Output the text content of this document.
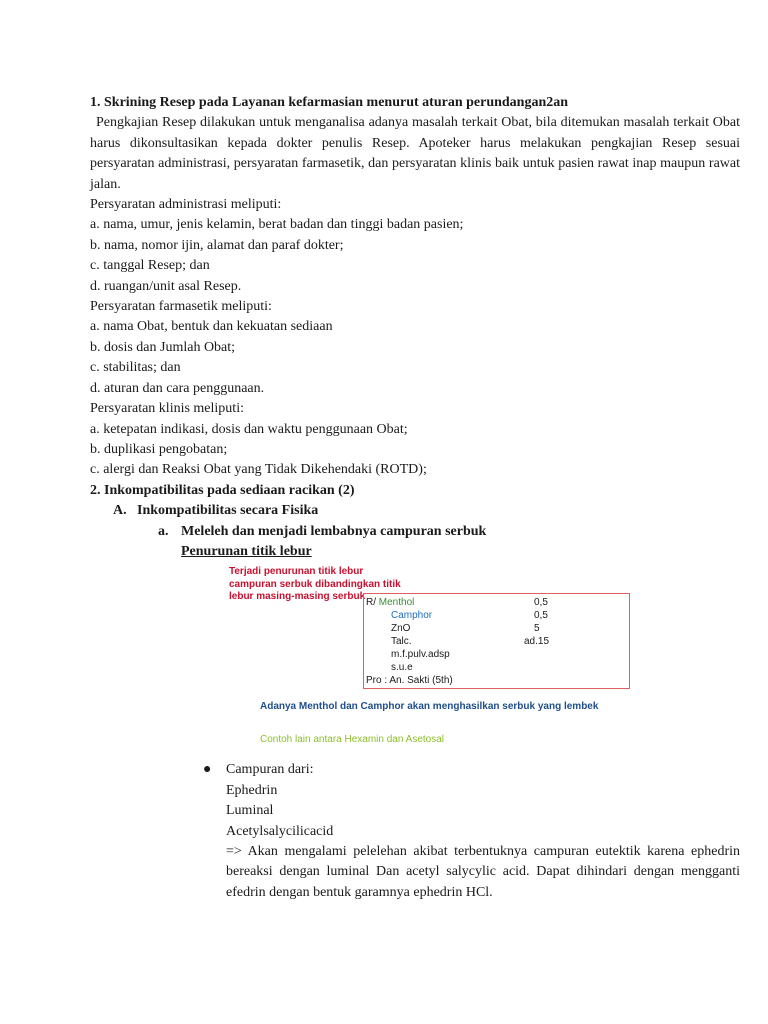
1. Skrining Resep pada Layanan kefarmasian menurut aturan perundangan2an
Pengkajian Resep dilakukan untuk menganalisa adanya masalah terkait Obat, bila ditemukan masalah terkait Obat harus dikonsultasikan kepada dokter penulis Resep. Apoteker harus melakukan pengkajian Resep sesuai persyaratan administrasi, persyaratan farmasetik, dan persyaratan klinis baik untuk pasien rawat inap maupun rawat jalan.
Persyaratan administrasi meliputi:
a. nama, umur, jenis kelamin, berat badan dan tinggi badan pasien;
b. nama, nomor ijin, alamat dan paraf dokter;
c. tanggal Resep; dan
d. ruangan/unit asal Resep.
Persyaratan farmasetik meliputi:
a. nama Obat, bentuk dan kekuatan sediaan
b. dosis dan Jumlah Obat;
c. stabilitas; dan
d. aturan dan cara penggunaan.
Persyaratan klinis meliputi:
a. ketepatan indikasi, dosis dan waktu penggunaan Obat;
b. duplikasi pengobatan;
c. alergi dan Reaksi Obat yang Tidak Dikehendaki (ROTD);
2. Inkompatibilitas pada sediaan racikan (2)
A. Inkompatibilitas secara Fisika
a. Meleleh dan menjadi lembabnya campuran serbuk
Penurunan titik lebur
Terjadi penurunan titik lebur
campuran serbuk dibandingkan titik
lebur masing-masing serbuk
R/ Menthol	0,5
Camphor	0,5
ZnO	5
Talc.	ad.15
m.f.pulv.adsp
s.u.e
Pro : An. Sakti (5th)
Adanya Menthol dan Camphor akan menghasilkan serbuk yang lembek
Contoh lain antara Hexamin dan Asetosal
● Campuran dari:
Ephedrin
Luminal
Acetylsalycilicacid
=> Akan mengalami pelelehan akibat terbentuknya campuran eutektik karena ephedrin bereaksi dengan luminal Dan acetyl salycylic acid. Dapat dihindari dengan mengganti efedrin dengan bentuk garamnya ephedrin HCl.
